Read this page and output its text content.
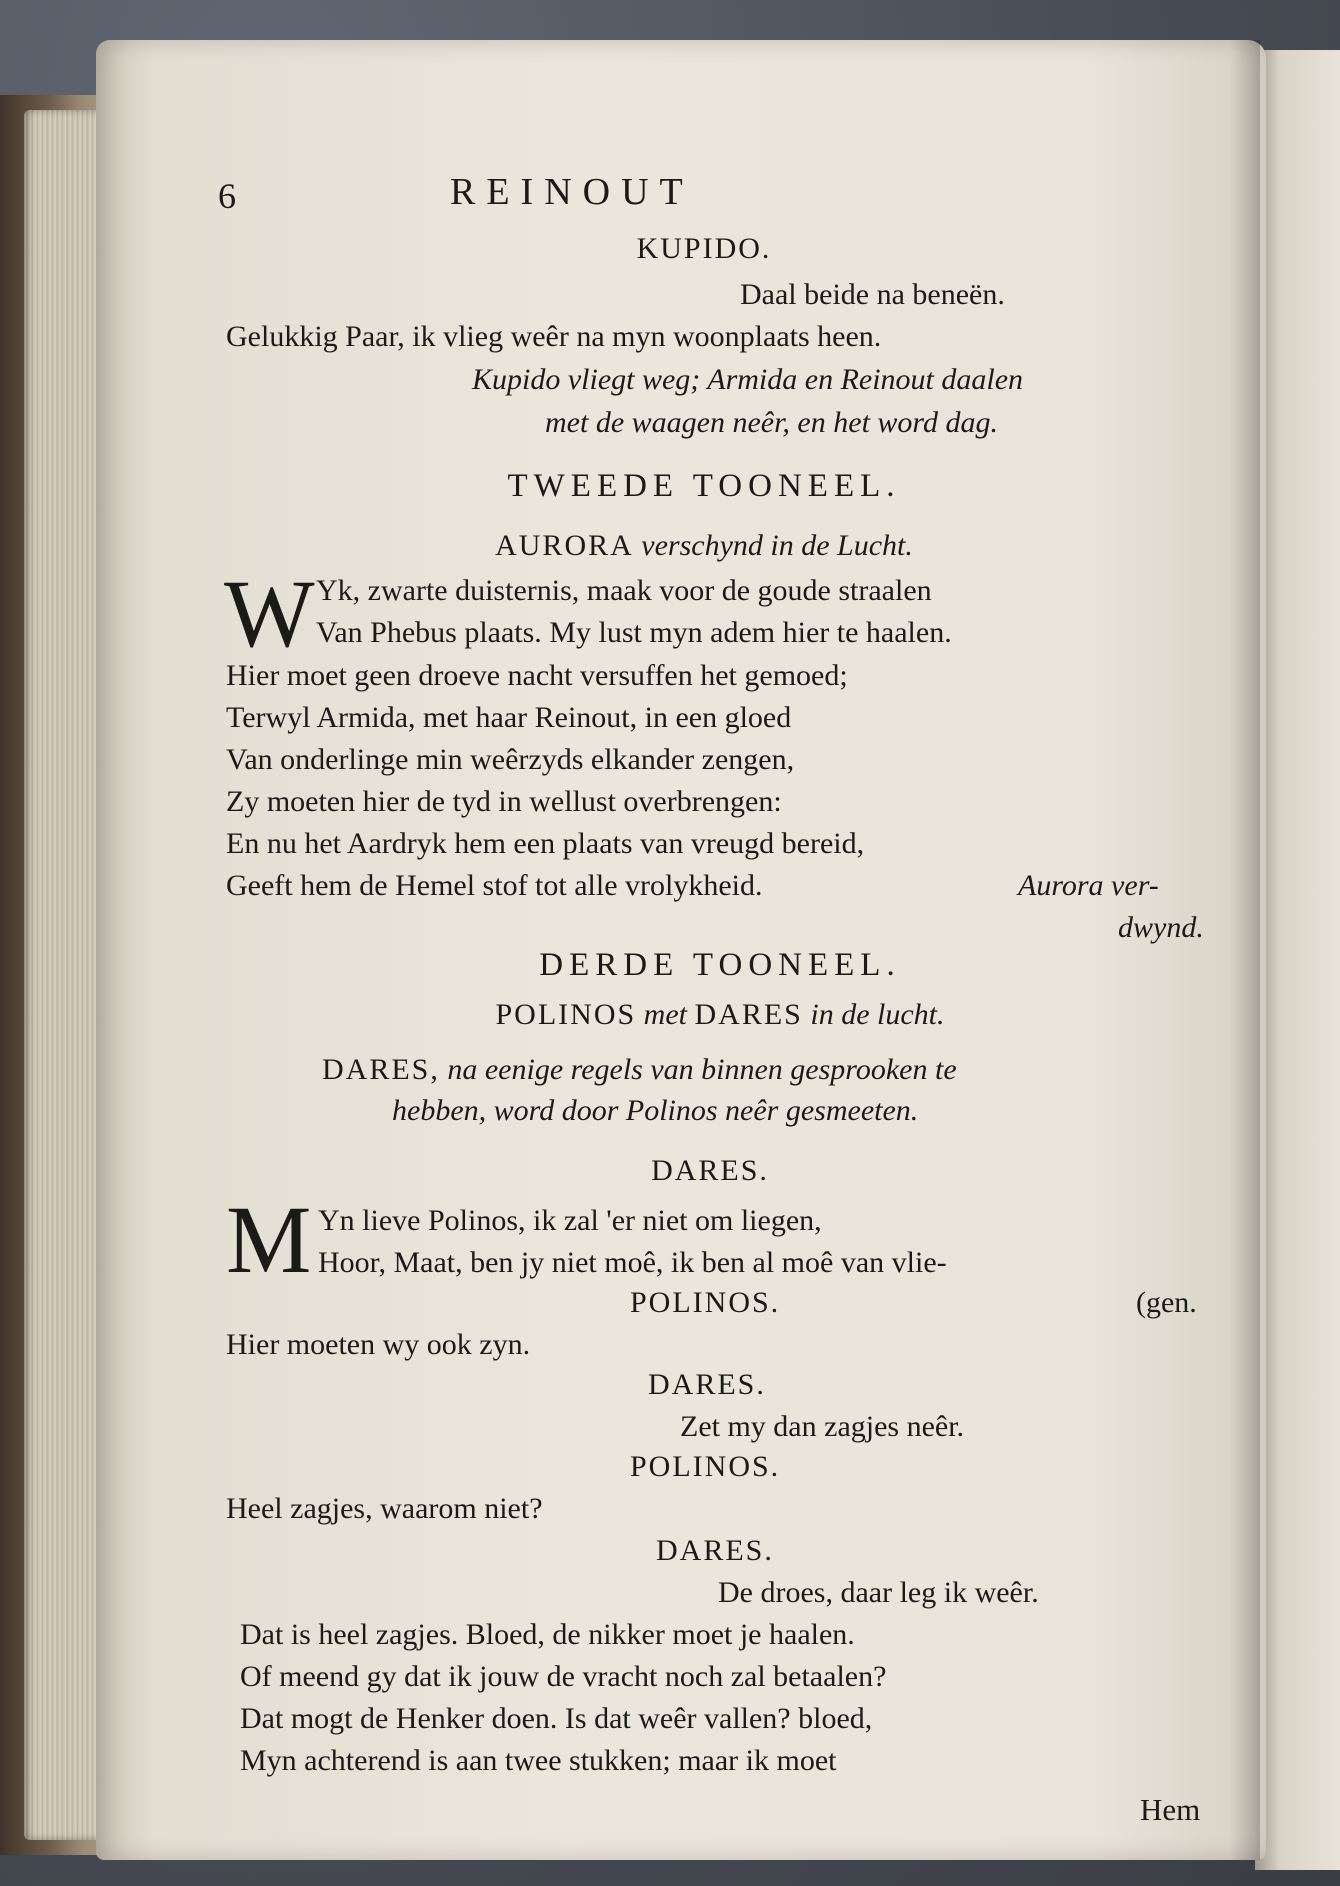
6	REINOUT
KUPIDO.
Daal beide na beneën.
Gelukkig Paar, ik vlieg weêr na myn woonplaats heen.
Kupido vliegt weg; Armida en Reinout daalen
met de waagen neêr, en het word dag.
TWEEDE TOONEEL.
AURORA verschynd in de Lucht.
W Yk, zwarte duisternis, maak voor de goude straalen
Van Phebus plaats. My lust myn adem hier te haalen.
Hier moet geen droeve nacht versuffen het gemoed;
Terwyl Armida, met haar Reinout, in een gloed
Van onderlinge min weêrzyds elkander zengen,
Zy moeten hier de tyd in wellust overbrengen:
En nu het Aardryk hem een plaats van vreugd bereid,
Geeft hem de Hemel stof tot alle vrolykheid.	Aurora ver-
dwynd.
DERDE TOONEEL.
POLINOS met DARES in de lucht.
DARES, na eenige regels van binnen gesprooken te
hebben, word door Polinos neêr gesmeeten.
DARES.
M Yn lieve Polinos, ik zal 'er niet om liegen,
Hoor, Maat, ben jy niet moê, ik ben al moê van vlie-
POLINOS.	(gen.
Hier moeten wy ook zyn.
DARES.
Zet my dan zagjes neêr.
POLINOS.
Heel zagjes, waarom niet?
DARES.
De droes, daar leg ik weêr.
Dat is heel zagjes. Bloed, de nikker moet je haalen.
Of meend gy dat ik jouw de vracht noch zal betaalen?
Dat mogt de Henker doen. Is dat weêr vallen? bloed,
Myn achterend is aan twee stukken; maar ik moet
Hem
